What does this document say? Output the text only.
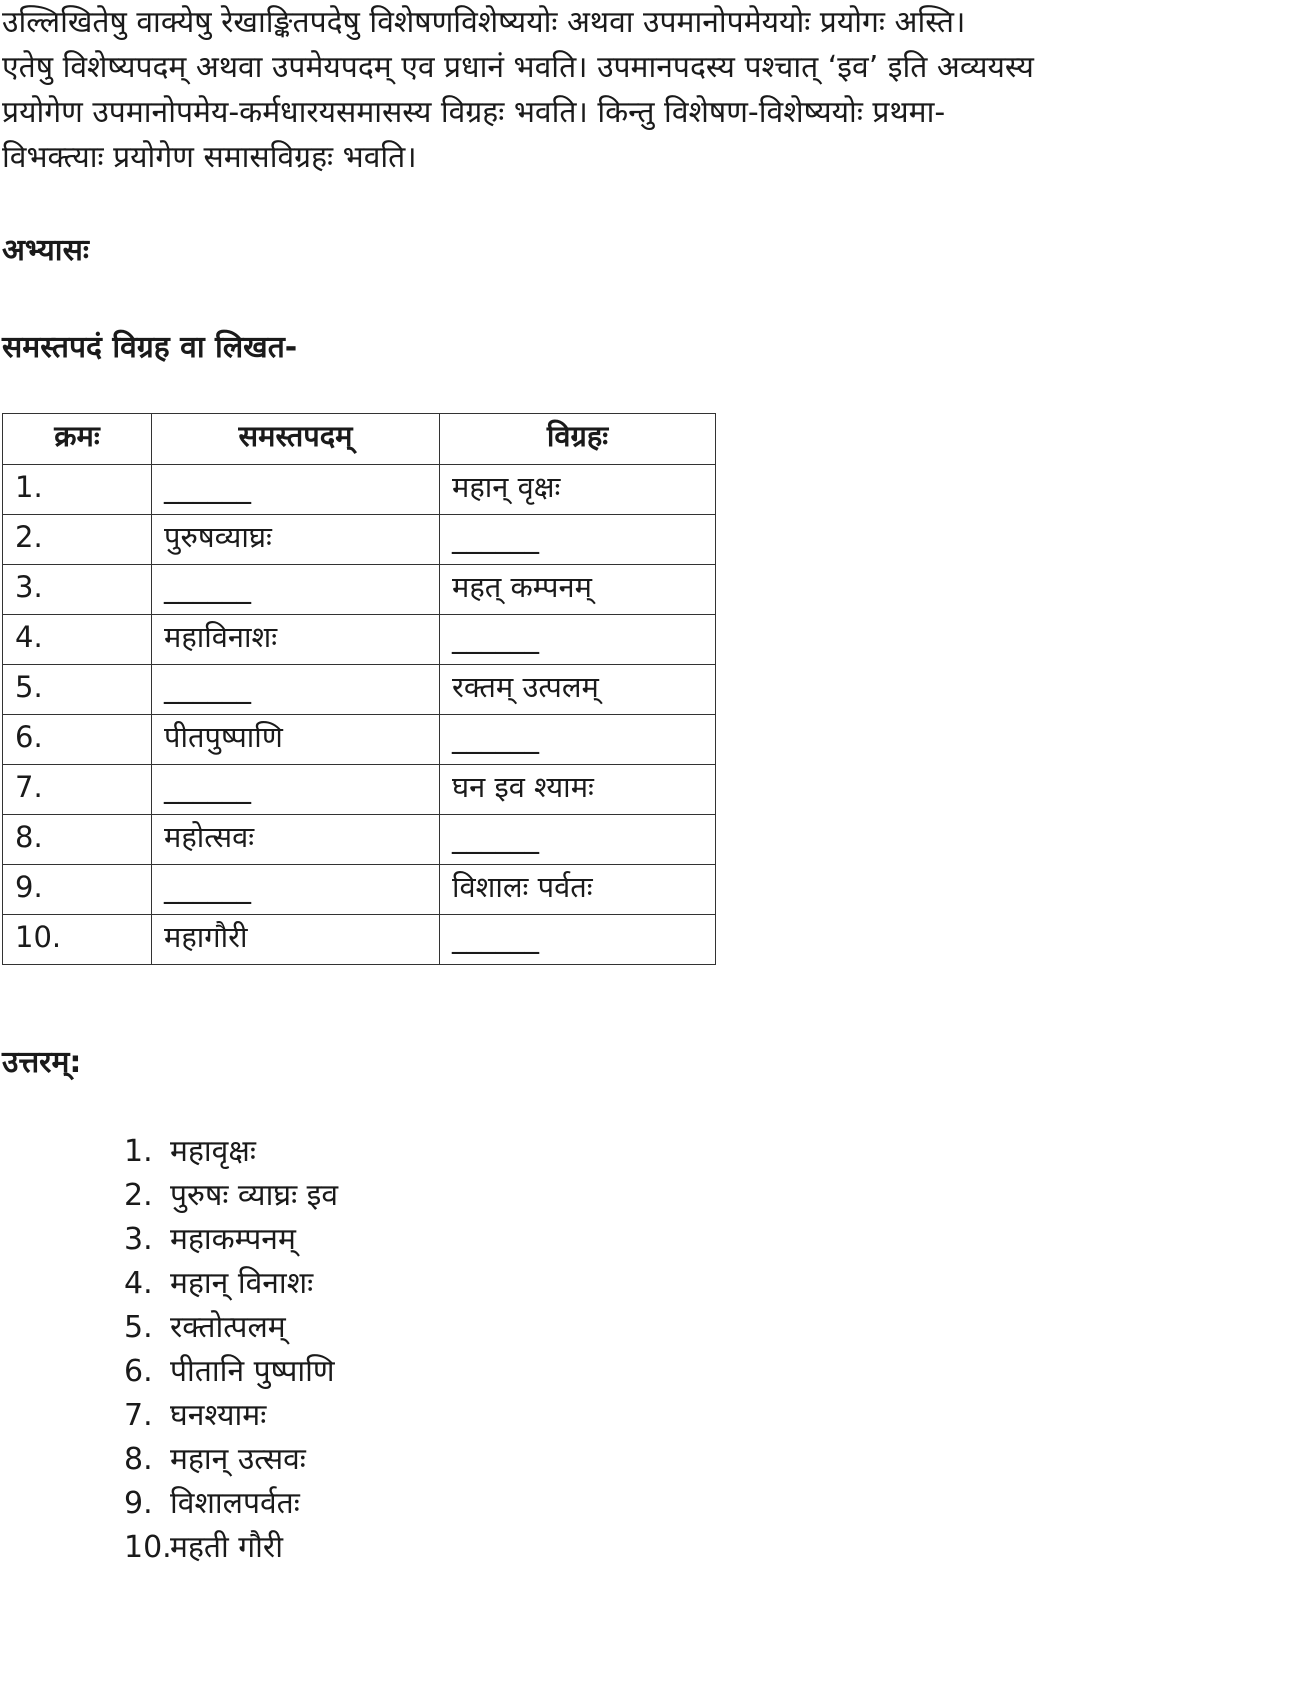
उल्लिखितेषु वाक्येषु रेखाङ्कितपदेषु विशेषणविशेष्ययोः अथवा उपमानोपमेययोः प्रयोगः अस्ति।
एतेषु विशेष्यपदम् अथवा उपमेयपदम् एव प्रधानं भवति। उपमानपदस्य पश्चात् ‘इव’ इति अव्ययस्य
प्रयोगेण उपमानोपमेय-कर्मधारयसमासस्य विग्रहः भवति। किन्तु विशेषण-विशेष्ययोः प्रथमा-
विभक्त्याः प्रयोगेण समासविग्रहः भवति।
अभ्यासः
समस्तपदं विग्रह वा लिखत-
क्रमः	समस्तपदम्	विग्रहः
1.	______	महान् वृक्षः
2.	पुरुषव्याघ्रः	______
3.	______	महत् कम्पनम्
4.	महाविनाशः	______
5.	______	रक्तम् उत्पलम्
6.	पीतपुष्पाणि	______
7.	______	घन इव श्यामः
8.	महोत्सवः	______
9.	______	विशालः पर्वतः
10.	महागौरी	______
उत्तरम्:
1. महावृक्षः
2. पुरुषः व्याघ्रः इव
3. महाकम्पनम्
4. महान् विनाशः
5. रक्तोत्पलम्
6. पीतानि पुष्पाणि
7. घनश्यामः
8. महान् उत्सवः
9. विशालपर्वतः
10.
महती गौरी
